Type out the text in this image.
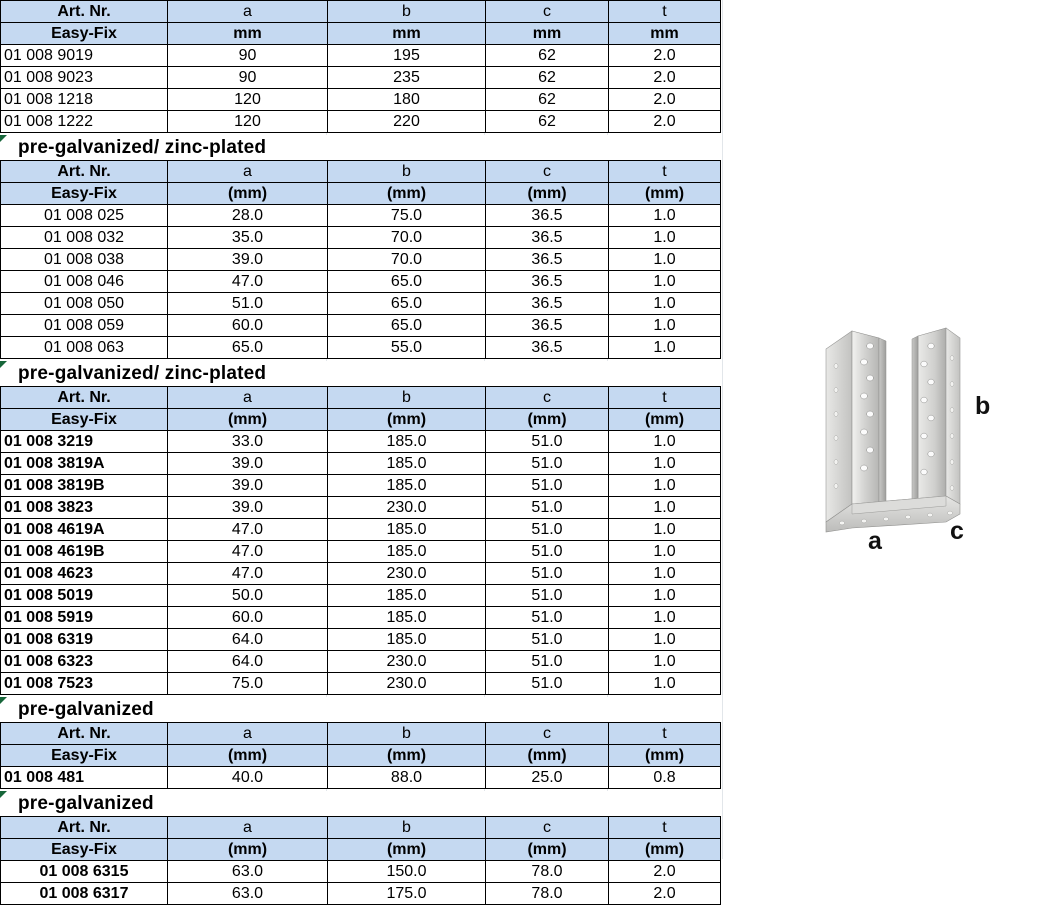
Art. Nr.	a	b	c	t
Easy-Fix	mm	mm	mm	mm
01 008 9019	90	195	62	2.0
01 008 9023	90	235	62	2.0
01 008 1218	120	180	62	2.0
01 008 1222	120	220	62	2.0
pre-galvanized/ zinc-plated
Art. Nr.	a	b	c	t
Easy-Fix	(mm)	(mm)	(mm)	(mm)
01 008 025	28.0	75.0	36.5	1.0
01 008 032	35.0	70.0	36.5	1.0
01 008 038	39.0	70.0	36.5	1.0
01 008 046	47.0	65.0	36.5	1.0
01 008 050	51.0	65.0	36.5	1.0
01 008 059	60.0	65.0	36.5	1.0
01 008 063	65.0	55.0	36.5	1.0
pre-galvanized/ zinc-plated
Art. Nr.	a	b	c	t
Easy-Fix	(mm)	(mm)	(mm)	(mm)
01 008 3219	33.0	185.0	51.0	1.0
01 008 3819A	39.0	185.0	51.0	1.0
01 008 3819B	39.0	185.0	51.0	1.0
01 008 3823	39.0	230.0	51.0	1.0
01 008 4619A	47.0	185.0	51.0	1.0
01 008 4619B	47.0	185.0	51.0	1.0
01 008 4623	47.0	230.0	51.0	1.0
01 008 5019	50.0	185.0	51.0	1.0
01 008 5919	60.0	185.0	51.0	1.0
01 008 6319	64.0	185.0	51.0	1.0
01 008 6323	64.0	230.0	51.0	1.0
01 008 7523	75.0	230.0	51.0	1.0
pre-galvanized
Art. Nr.	a	b	c	t
Easy-Fix	(mm)	(mm)	(mm)	(mm)
01 008 481	40.0	88.0	25.0	0.8
pre-galvanized
Art. Nr.	a	b	c	t
Easy-Fix	(mm)	(mm)	(mm)	(mm)
01 008 6315	63.0	150.0	78.0	2.0
01 008 6317	63.0	175.0	78.0	2.0
b
a	c
